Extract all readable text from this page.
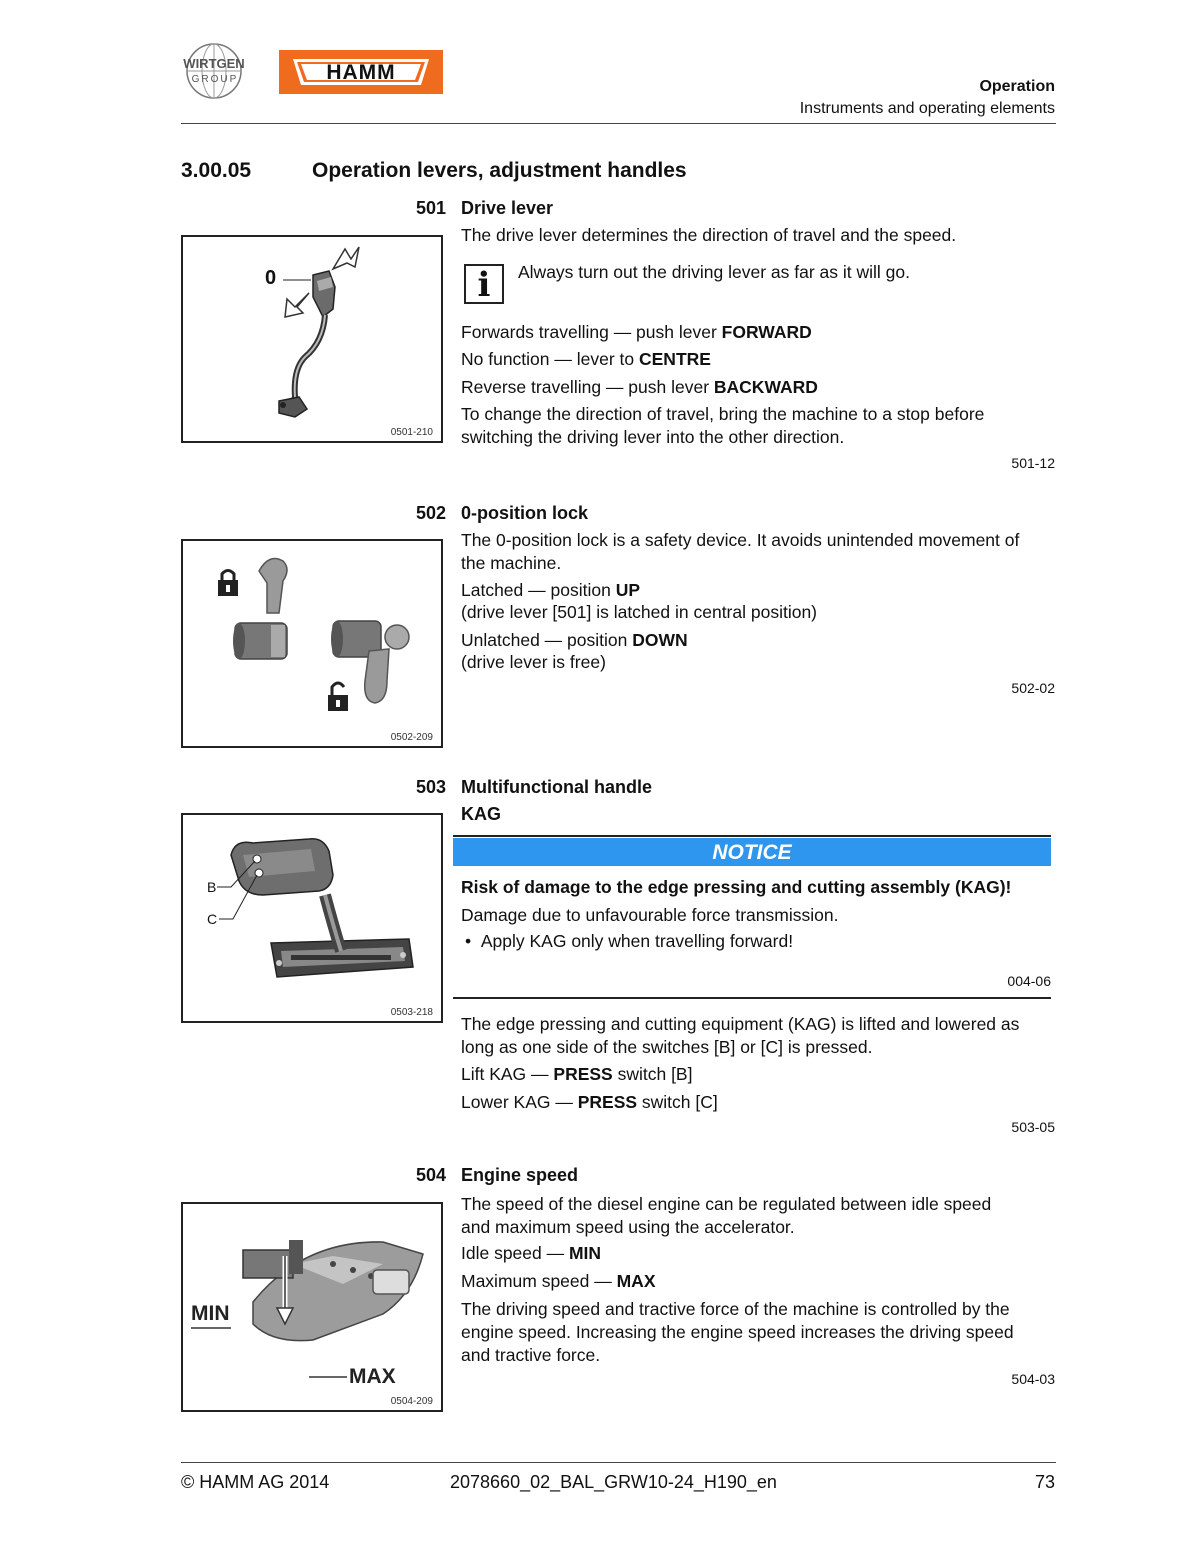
WIRTGEN
GROUP	HAMM
Operation
Instruments and operating elements
3.00.05	Operation levers, adjustment handles
501 Drive lever
0
0501-210
The drive lever determines the direction of travel and the speed.
i	Always turn out the driving lever as far as it will go.
Forwards travelling — push lever FORWARD
No function — lever to CENTRE
Reverse travelling — push lever BACKWARD
To change the direction of travel, bring the machine to a stop before
switching the driving lever into the other direction.
501-12
502 0-position lock
0502-209
The 0-position lock is a safety device. It avoids unintended movement of
the machine.
Latched — position UP
(drive lever [501] is latched in central position)
Unlatched — position DOWN
(drive lever is free)
502-02
503 Multifunctional handle
KAG
B
C
0503-218
NOTICE
Risk of damage to the edge pressing and cutting assembly (KAG)!
Damage due to unfavourable force transmission.
•  Apply KAG only when travelling forward!
004-06
The edge pressing and cutting equipment (KAG) is lifted and lowered as
long as one side of the switches [B] or [C] is pressed.
Lift KAG — PRESS switch [B]
Lower KAG — PRESS switch [C]
503-05
504 Engine speed
MIN
MAX
0504-209
The speed of the diesel engine can be regulated between idle speed
and maximum speed using the accelerator.
Idle speed — MIN
Maximum speed — MAX
The driving speed and tractive force of the machine is controlled by the
engine speed. Increasing the engine speed increases the driving speed
and tractive force.
504-03
© HAMM AG 2014	2078660_02_BAL_GRW10-24_H190_en	73
